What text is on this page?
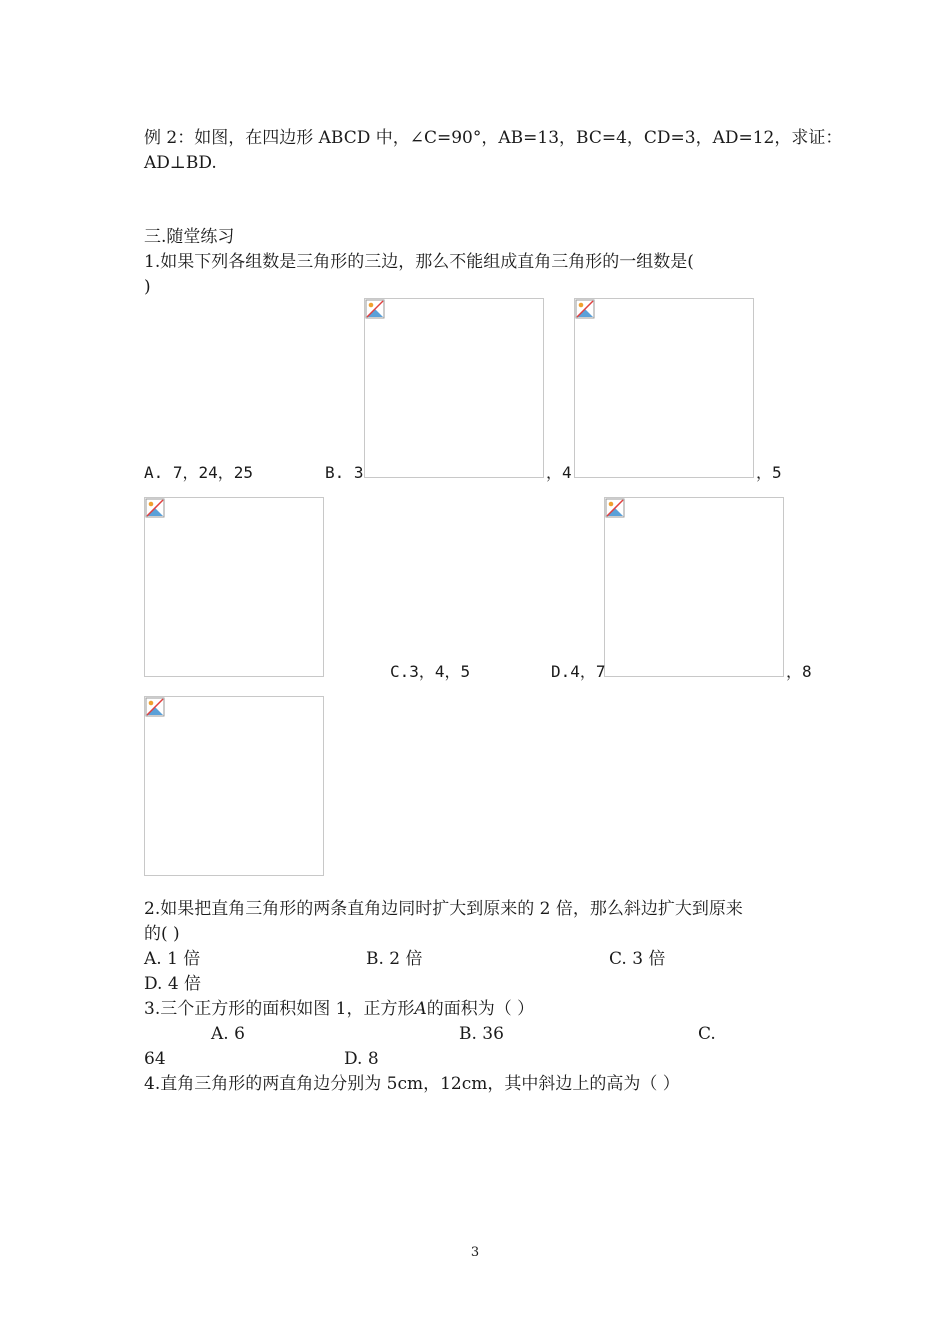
例 2：如图，在四边形 ABCD 中，∠C=90°，AB=13，BC=4，CD=3，AD=12，求证：
AD⊥BD.
三.随堂练习
1.如果下列各组数是三角形的三边，那么不能组成直角三角形的一组数是(
)
A. 7，24，25	B. 3	，4	，5
C.3，4，5	D.4，7	，8
2.如果把直角三角形的两条直角边同时扩大到原来的 2 倍，那么斜边扩大到原来
的( )
A. 1 倍	B. 2 倍	C. 3 倍
D. 4 倍
3.三个正方形的面积如图 1，正方形A的面积为（ ）
A. 6	B. 36	C.
64	D. 8
4.直角三角形的两直角边分别为 5cm，12cm，其中斜边上的高为（ ）
3
